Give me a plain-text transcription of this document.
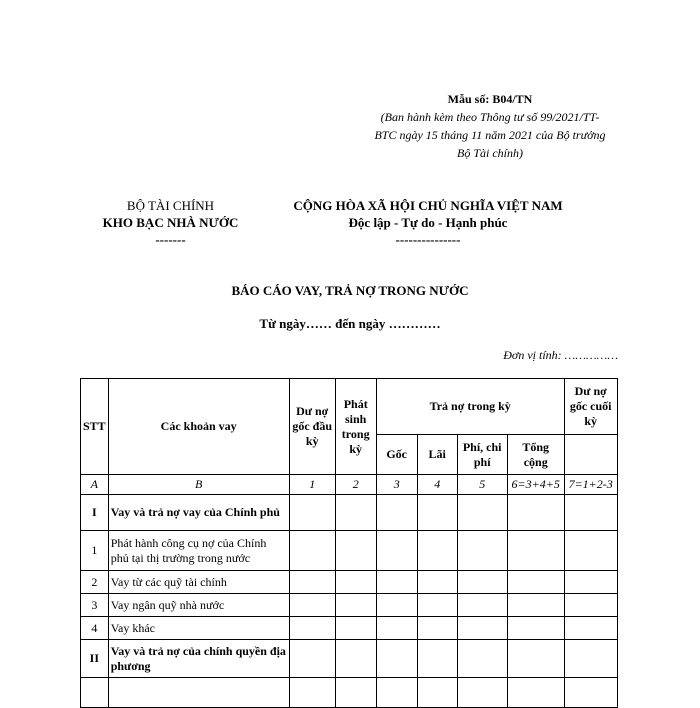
Mẫu số: B04/TN
(Ban hành kèm theo Thông tư số 99/2021/TT-
BTC ngày 15 tháng 11 năm 2021 của Bộ trưởng
Bộ Tài chính)
BỘ TÀI CHÍNH
KHO BẠC NHÀ NƯỚC
-------
CỘNG HÒA XÃ HỘI CHỦ NGHĨA VIỆT NAM
Độc lập - Tự do - Hạnh phúc
---------------
BÁO CÁO VAY, TRẢ NỢ TRONG NƯỚC
Từ ngày…… đến ngày …………
Đơn vị tính: ……………
STT	Các khoản vay	Dư nợ gốc đầu kỳ	Phát sinh trong kỳ	Trả nợ trong kỳ				Dư nợ gốc cuối kỳ
				Gốc	Lãi	Phí, chi phí	Tổng cộng	
A	B	1	2	3	4	5	6=3+4+5	7=1+2-3
I	Vay và trả nợ vay của Chính phủ							
1	Phát hành công cụ nợ của Chính phủ tại thị trường trong nước							
2	Vay từ các quỹ tài chính							
3	Vay ngân quỹ nhà nước							
4	Vay khác							
II	Vay và trả nợ của chính quyền địa phương							
